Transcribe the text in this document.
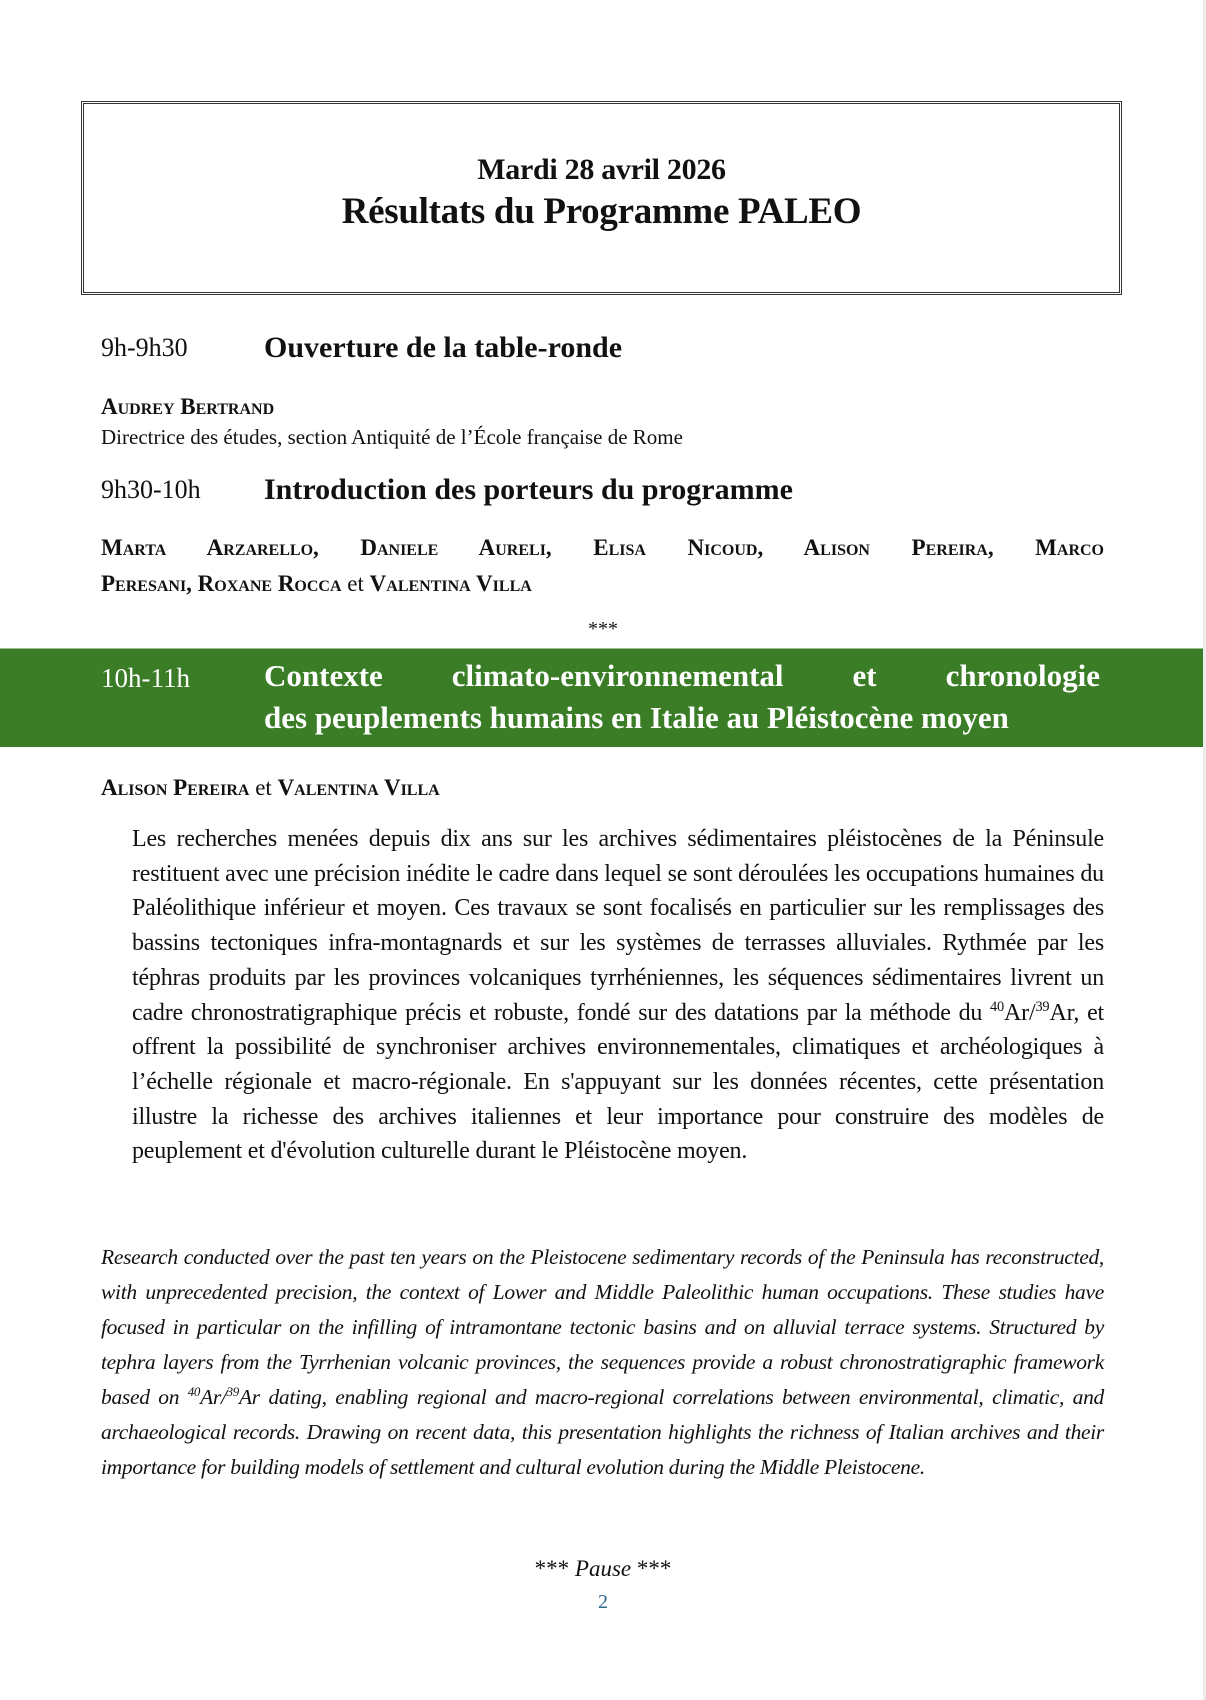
Mardi 28 avril 2026
Résultats du Programme PALEO
9h-9h30	Ouverture de la table-ronde
Audrey Bertrand
Directrice des études, section Antiquité de l’École française de Rome
9h30-10h Introduction des porteurs du programme
Marta Arzarello, Daniele Aureli, Elisa Nicoud, Alison Pereira, Marco
Peresani, Roxane Rocca et Valentina Villa
***
10h-11h Contexte climato-environnemental et chronologie
des peuplements humains en Italie au Pléistocène moyen
Alison Pereira et Valentina Villa
Les recherches menées depuis dix ans sur les archives sédimentaires pléistocènes de la Péninsule restituent avec une précision inédite le cadre dans lequel se sont déroulées les occupations humaines du Paléolithique inférieur et moyen. Ces travaux se sont focalisés en particulier sur les remplissages des bassins tectoniques infra-montagnards et sur les systèmes de terrasses alluviales. Rythmée par les téphras produits par les provinces volcaniques tyrrhéniennes, les séquences sédimentaires livrent un cadre chronostratigraphique précis et robuste, fondé sur des datations par la méthode du $^{40}$Ar/$^{39}$Ar, et offrent la possibilité de synchroniser archives environnementales, climatiques et archéologiques à l’échelle régionale et macro-régionale. En s'appuyant sur les données récentes, cette présentation illustre la richesse des archives italiennes et leur importance pour construire des modèles de peuplement et d'évolution culturelle durant le Pléistocène moyen.
Research conducted over the past ten years on the Pleistocene sedimentary records of the Peninsula has reconstructed, with unprecedented precision, the context of Lower and Middle Paleolithic human occupations. These studies have focused in particular on the infilling of intramontane tectonic basins and on alluvial terrace systems. Structured by tephra layers from the Tyrrhenian volcanic provinces, the sequences provide a robust chronostratigraphic framework based on $^{40}$Ar/$^{39}$Ar dating, enabling regional and macro-regional correlations between environmental, climatic, and archaeological records. Drawing on recent data, this presentation highlights the richness of Italian archives and their importance for building models of settlement and cultural evolution during the Middle Pleistocene.
*** Pause ***
2
